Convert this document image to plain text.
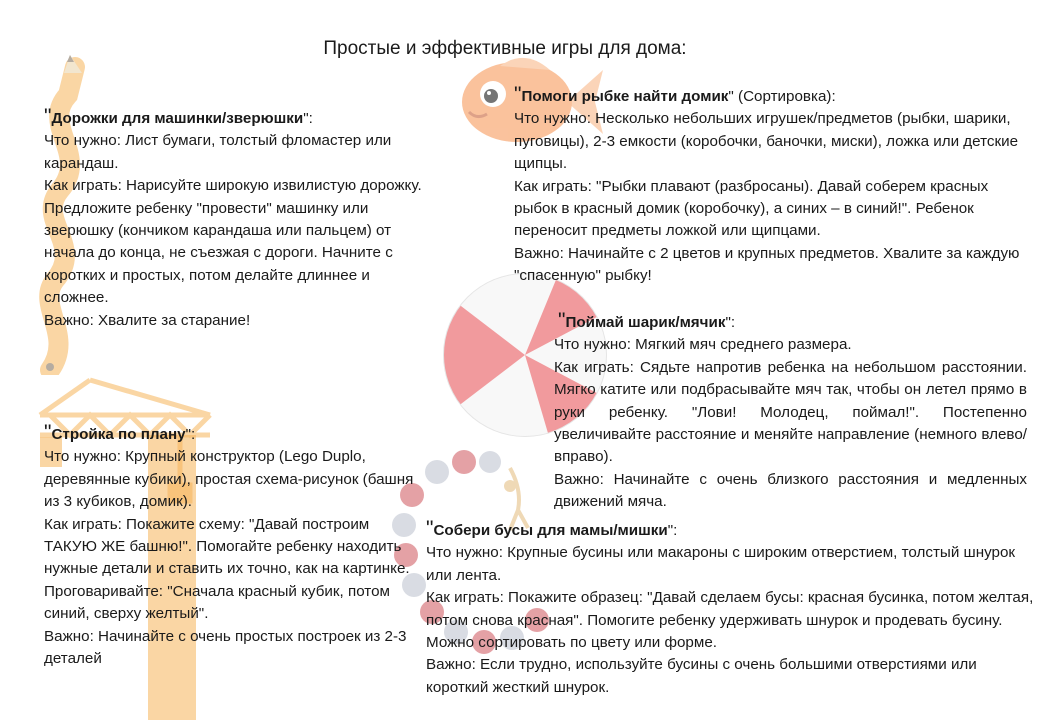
Простые и эффективные игры для дома:

"Дорожки для машинки/зверюшки":

Что нужно: Лист бумаги, толстый фломастер или карандаш.

Как играть: Нарисуйте широкую извилистую дорожку. Предложите ребенку "провести" машинку или зверюшку (кончиком карандаша или пальцем) от начала до конца, не съезжая с дороги. Начните с коротких и простых, потом делайте длиннее и сложнее.

Важно: Хвалите за старание!

"Помоги рыбке найти домик" (Сортировка):

Что нужно: Несколько небольших игрушек/предметов (рыбки, шарики, пуговицы), 2-3 емкости (коробочки, баночки, миски), ложка или детские щипцы.

Как играть: "Рыбки плавают (разбросаны). Давай соберем красных рыбок в красный домик (коробочку), а синих – в синий!". Ребенок переносит предметы ложкой или щипцами.

Важно: Начинайте с 2 цветов и крупных предметов. Хвалите за каждую "спасенную" рыбку!

"Поймай шарик/мячик":

Что нужно: Мягкий мяч среднего размера.

Как играть: Сядьте напротив ребенка на небольшом расстоянии. Мягко катите или подбрасывайте мяч так, чтобы он летел прямо в руки ребенку. "Лови! Молодец, поймал!". Постепенно увеличивайте расстояние и меняйте направление (немного влево/вправо).

Важно: Начинайте с очень близкого расстояния и медленных движений мяча.

"Стройка по плану":

Что нужно: Крупный конструктор (Lego Duplo, деревянные кубики), простая схема-рисунок (башня из 3 кубиков, домик).

Как играть: Покажите схему: "Давай построим ТАКУЮ ЖЕ башню!". Помогайте ребенку находить нужные детали и ставить их точно, как на картинке. Проговаривайте: "Сначала красный кубик, потом синий, сверху желтый".

Важно: Начинайте с очень простых построек из 2-3 деталей

"Собери бусы для мамы/мишки":

Что нужно: Крупные бусины или макароны с широким отверстием, толстый шнурок или лента.

Как играть: Покажите образец: "Давай сделаем бусы: красная бусинка, потом желтая, потом снова красная". Помогите ребенку удерживать шнурок и продевать бусину. Можно сортировать по цвету или форме.

Важно: Если трудно, используйте бусины с очень большими отверстиями или короткий жесткий шнурок.
